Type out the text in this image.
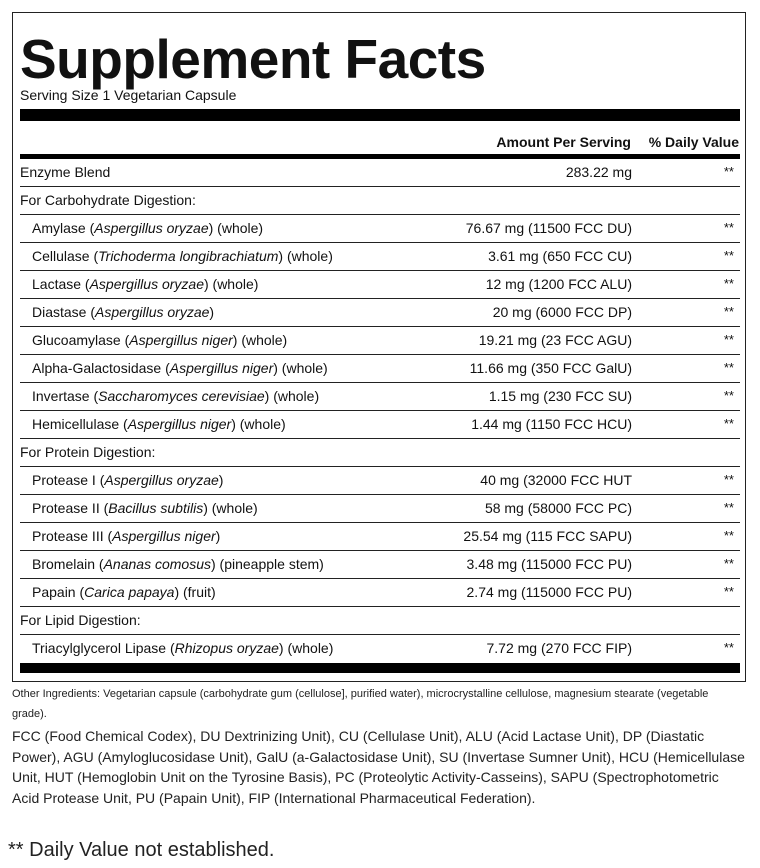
Supplement Facts
Serving Size 1 Vegetarian Capsule
Amount Per Serving % Daily Value
Enzyme Blend	283.22 mg	**
For Carbohydrate Digestion:
Amylase (Aspergillus oryzae) (whole)	76.67 mg (11500 FCC DU)	**
Cellulase (Trichoderma longibrachiatum) (whole)	3.61 mg (650 FCC CU)	**
Lactase (Aspergillus oryzae) (whole)	12 mg (1200 FCC ALU)	**
Diastase (Aspergillus oryzae)	20 mg (6000 FCC DP)	**
Glucoamylase (Aspergillus niger) (whole)	19.21 mg (23 FCC AGU)	**
Alpha-Galactosidase (Aspergillus niger) (whole)	11.66 mg (350 FCC GalU)	**
Invertase (Saccharomyces cerevisiae) (whole)	1.15 mg (230 FCC SU)	**
Hemicellulase (Aspergillus niger) (whole)	1.44 mg (1150 FCC HCU)	**
For Protein Digestion:
Protease I (Aspergillus oryzae)	40 mg (32000 FCC HUT	**
Protease II (Bacillus subtilis) (whole)	58 mg (58000 FCC PC)	**
Protease III (Aspergillus niger)	25.54 mg (115 FCC SAPU)	**
Bromelain (Ananas comosus) (pineapple stem)	3.48 mg (115000 FCC PU)	**
Papain (Carica papaya) (fruit)	2.74 mg (115000 FCC PU)	**
For Lipid Digestion:
Triacylglycerol Lipase (Rhizopus oryzae) (whole)	7.72 mg (270 FCC FIP)	**
Other Ingredients: Vegetarian capsule (carbohydrate gum (cellulose], purified water), microcrystalline cellulose, magnesium stearate (vegetable grade).
FCC (Food Chemical Codex), DU Dextrinizing Unit), CU (Cellulase Unit), ALU (Acid Lactase Unit), DP (Diastatic Power), AGU (Amyloglucosidase Unit), GalU (a-Galactosidase Unit), SU (Invertase Sumner Unit), HCU (Hemicellulase Unit, HUT (Hemoglobin Unit on the Tyrosine Basis), PC (Proteolytic Activity-Casseins), SAPU (Spectrophotometric Acid Protease Unit, PU (Papain Unit), FIP (International Pharmaceutical Federation).
** Daily Value not established.
